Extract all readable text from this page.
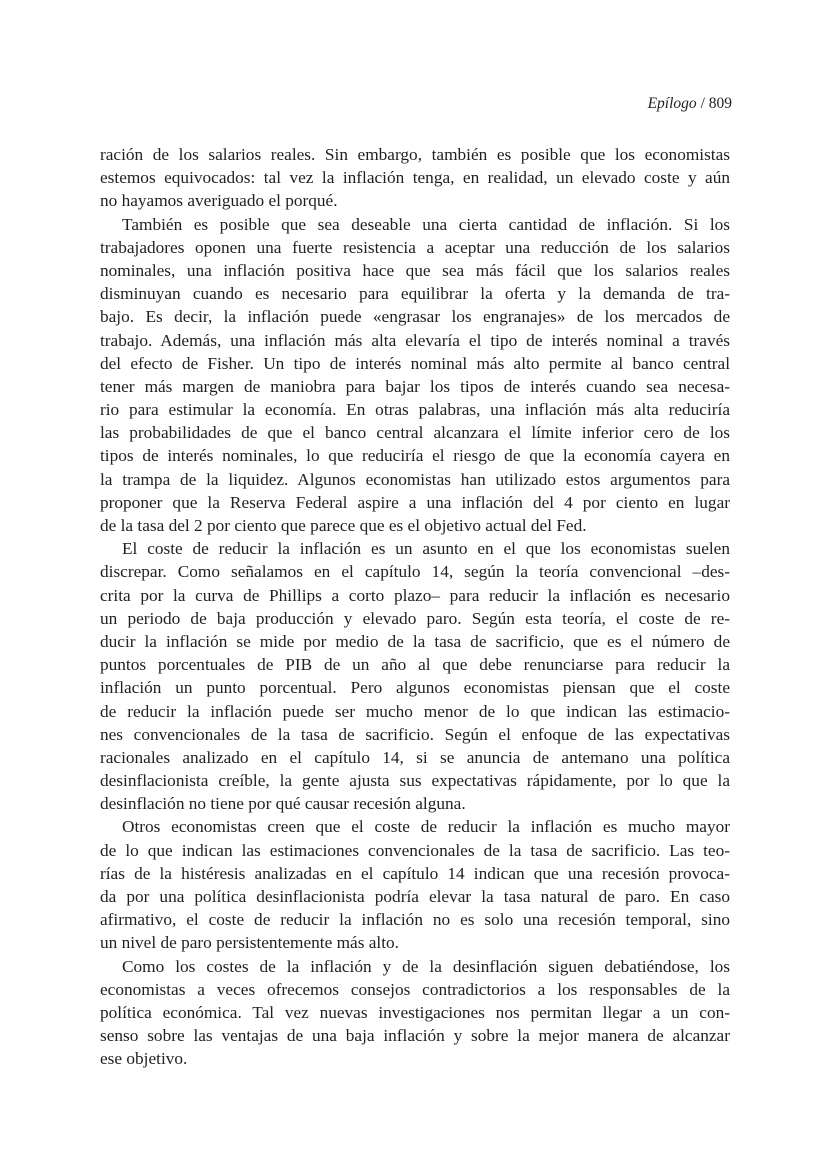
Epílogo / 809
ración de los salarios reales. Sin embargo, también es posible que los economistas
estemos equivocados: tal vez la inflación tenga, en realidad, un elevado coste y aún
no hayamos averiguado el porqué.
También es posible que sea deseable una cierta cantidad de inflación. Si los
trabajadores oponen una fuerte resistencia a aceptar una reducción de los salarios
nominales, una inflación positiva hace que sea más fácil que los salarios reales
disminuyan cuando es necesario para equilibrar la oferta y la demanda de tra-
bajo. Es decir, la inflación puede «engrasar los engranajes» de los mercados de
trabajo. Además, una inflación más alta elevaría el tipo de interés nominal a través
del efecto de Fisher. Un tipo de interés nominal más alto permite al banco central
tener más margen de maniobra para bajar los tipos de interés cuando sea necesa-
rio para estimular la economía. En otras palabras, una inflación más alta reduciría
las probabilidades de que el banco central alcanzara el límite inferior cero de los
tipos de interés nominales, lo que reduciría el riesgo de que la economía cayera en
la trampa de la liquidez. Algunos economistas han utilizado estos argumentos para
proponer que la Reserva Federal aspire a una inflación del 4 por ciento en lugar
de la tasa del 2 por ciento que parece que es el objetivo actual del Fed.
El coste de reducir la inflación es un asunto en el que los economistas suelen
discrepar. Como señalamos en el capítulo 14, según la teoría convencional –des-
crita por la curva de Phillips a corto plazo– para reducir la inflación es necesario
un periodo de baja producción y elevado paro. Según esta teoría, el coste de re-
ducir la inflación se mide por medio de la tasa de sacrificio, que es el número de
puntos porcentuales de PIB de un año al que debe renunciarse para reducir la
inflación un punto porcentual. Pero algunos economistas piensan que el coste
de reducir la inflación puede ser mucho menor de lo que indican las estimacio-
nes convencionales de la tasa de sacrificio. Según el enfoque de las expectativas
racionales analizado en el capítulo 14, si se anuncia de antemano una política
desinflacionista creíble, la gente ajusta sus expectativas rápidamente, por lo que la
desinflación no tiene por qué causar recesión alguna.
Otros economistas creen que el coste de reducir la inflación es mucho mayor
de lo que indican las estimaciones convencionales de la tasa de sacrificio. Las teo-
rías de la histéresis analizadas en el capítulo 14 indican que una recesión provoca-
da por una política desinflacionista podría elevar la tasa natural de paro. En caso
afirmativo, el coste de reducir la inflación no es solo una recesión temporal, sino
un nivel de paro persistentemente más alto.
Como los costes de la inflación y de la desinflación siguen debatiéndose, los
economistas a veces ofrecemos consejos contradictorios a los responsables de la
política económica. Tal vez nuevas investigaciones nos permitan llegar a un con-
senso sobre las ventajas de una baja inflación y sobre la mejor manera de alcanzar
ese objetivo.
